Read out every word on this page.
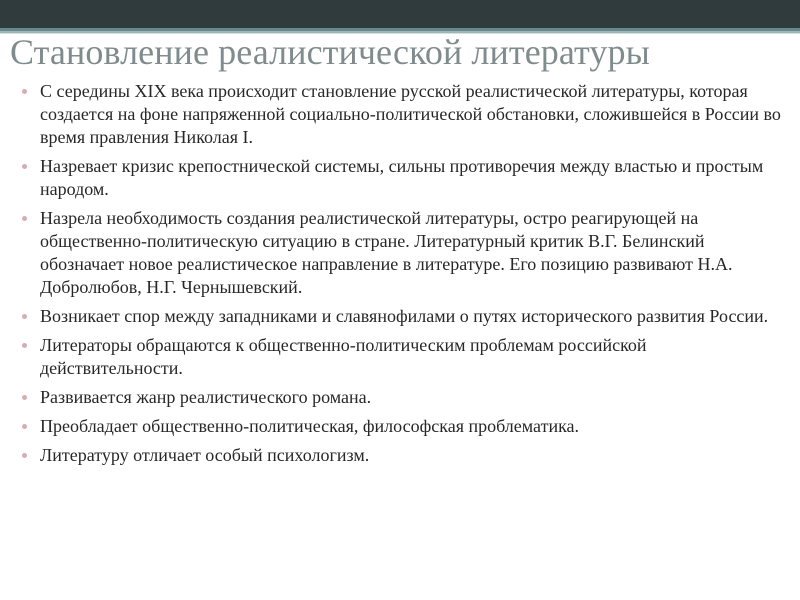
Становление реалистической литературы
С середины XIX века происходит становление русской реалистической литературы, которая создается на фоне напряженной социально-политической обстановки, сложившейся в России во время правления Николая I.
Назревает кризис крепостнической системы, сильны противоречия между властью и простым народом.
Назрела необходимость создания реалистической литературы, остро реагирующей на общественно-политическую ситуацию в стране. Литературный критик В.Г. Белинский обозначает новое реалистическое направление в литературе. Его позицию развивают Н.А. Добролюбов, Н.Г. Чернышевский.
Возникает спор между западниками и славянофилами о путях исторического развития России.
Литераторы обращаются к общественно-политическим проблемам российской действительности.
Развивается жанр реалистического романа.
Преобладает общественно-политическая, философская проблематика.
Литературу отличает особый психологизм.
